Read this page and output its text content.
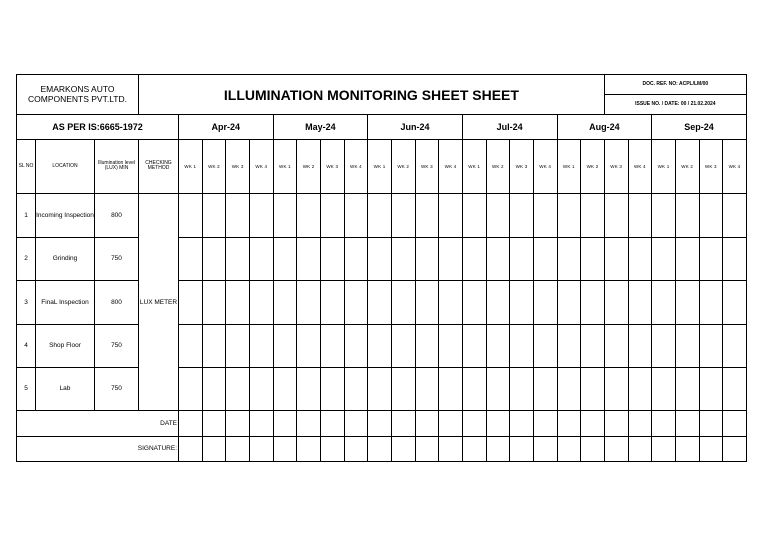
EMARKONS AUTO COMPONENTS PVT.LTD.			ILLUMINATION MONITORING SHEET SHEET																			DOC. REF. NO: ACPL/LM/00					
																						ISSUE NO. / DATE: 00 / 21.02.2024					
AS PER IS:6665-1972				Apr-24				May-24				Jun-24				Jul-24				Aug-24				Sep-24			
SL NO	LOCATION	Illumination level (LUX) MIN	CHECKING METHOD	WK 1	WK 2	WK 3	WK 4	WK 1	WK 2	WK 3	WK 4	WK 1	WK 2	WK 3	WK 4	WK 1	WK 2	WK 3	WK 4	WK 1	WK 2	WK 3	WK 4	WK 1	WK 2	WK 3	WK 4
1	Incoming Inspection	800	LUX METER																								
2	Grinding	750																									
3	FinaL Inspection	800																									
4	Shop Floor	750																									
5	Lab	750																									
DATE																											
SIGNATURE:																											
